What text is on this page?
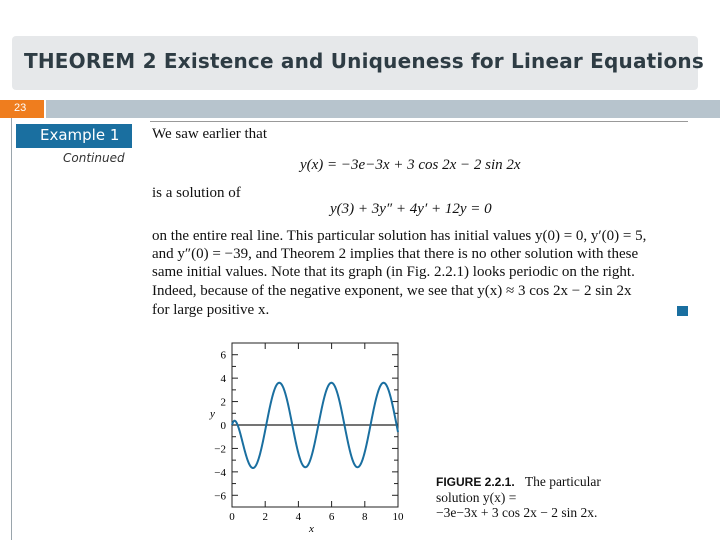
THEOREM 2 Existence and Uniqueness for Linear Equations
23
Example 1
Continued
We saw earlier that
y(x) = −3e−3x + 3 cos 2x − 2 sin 2x
is a solution of
y(3) + 3y″ + 4y′ + 12y = 0
on the entire real line. This particular solution has initial values y(0) = 0, y′(0) = 5,
and y″(0) = −39, and Theorem 2 implies that there is no other solution with these
same initial values. Note that its graph (in Fig. 2.2.1) looks periodic on the right.
Indeed, because of the negative exponent, we see that y(x) ≈ 3 cos 2x − 2 sin 2x
for large positive x.
0	2	4	6	8 10
6
4
2
0
−2
−4
−6
x
y
FIGURE 2.2.1. The particular
solution y(x) =
−3e−3x + 3 cos 2x − 2 sin 2x.
